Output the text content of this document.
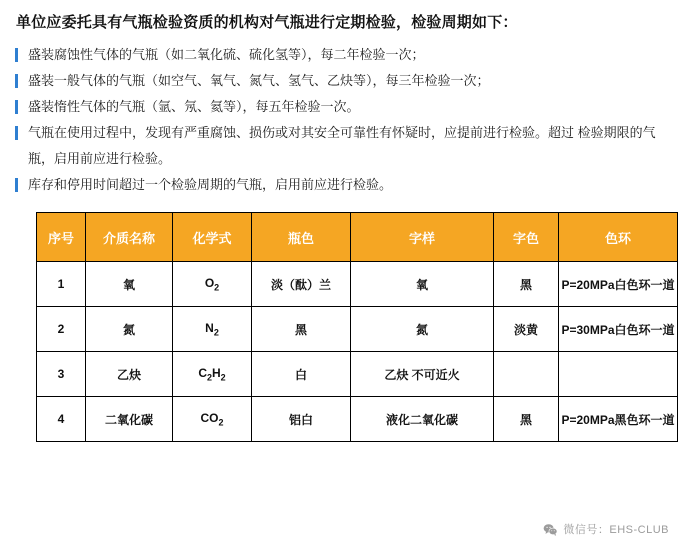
单位应委托具有气瓶检验资质的机构对气瓶进行定期检验，检验周期如下：
盛装腐蚀性气体的气瓶（如二氧化硫、硫化氢等），每二年检验一次；
盛装一般气体的气瓶（如空气、氧气、氮气、氢气、乙炔等），每三年检验一次；
盛装惰性气体的气瓶（氩、氖、氦等），每五年检验一次。
气瓶在使用过程中，发现有严重腐蚀、损伤或对其安全可靠性有怀疑时，应提前进行检验。超过 检验期限的气瓶，启用前应进行检验。
库存和停用时间超过一个检验周期的气瓶，启用前应进行检验。
序号	介质名称	化学式	瓶色	字样	字色	色环
1	氧	$O_2$	淡（酞）兰	氧	黑	P=20MPa白色环一道
2	氮	$N_2$	黑	氮	淡黄	P=30MPa白色环一道
3	乙炔	$C_2H_2$	白	乙炔 不可近火		
4	二氧化碳	$CO_2$	铝白	液化二氧化碳	黑	P=20MPa黑色环一道
微信号：EHS-CLUB
